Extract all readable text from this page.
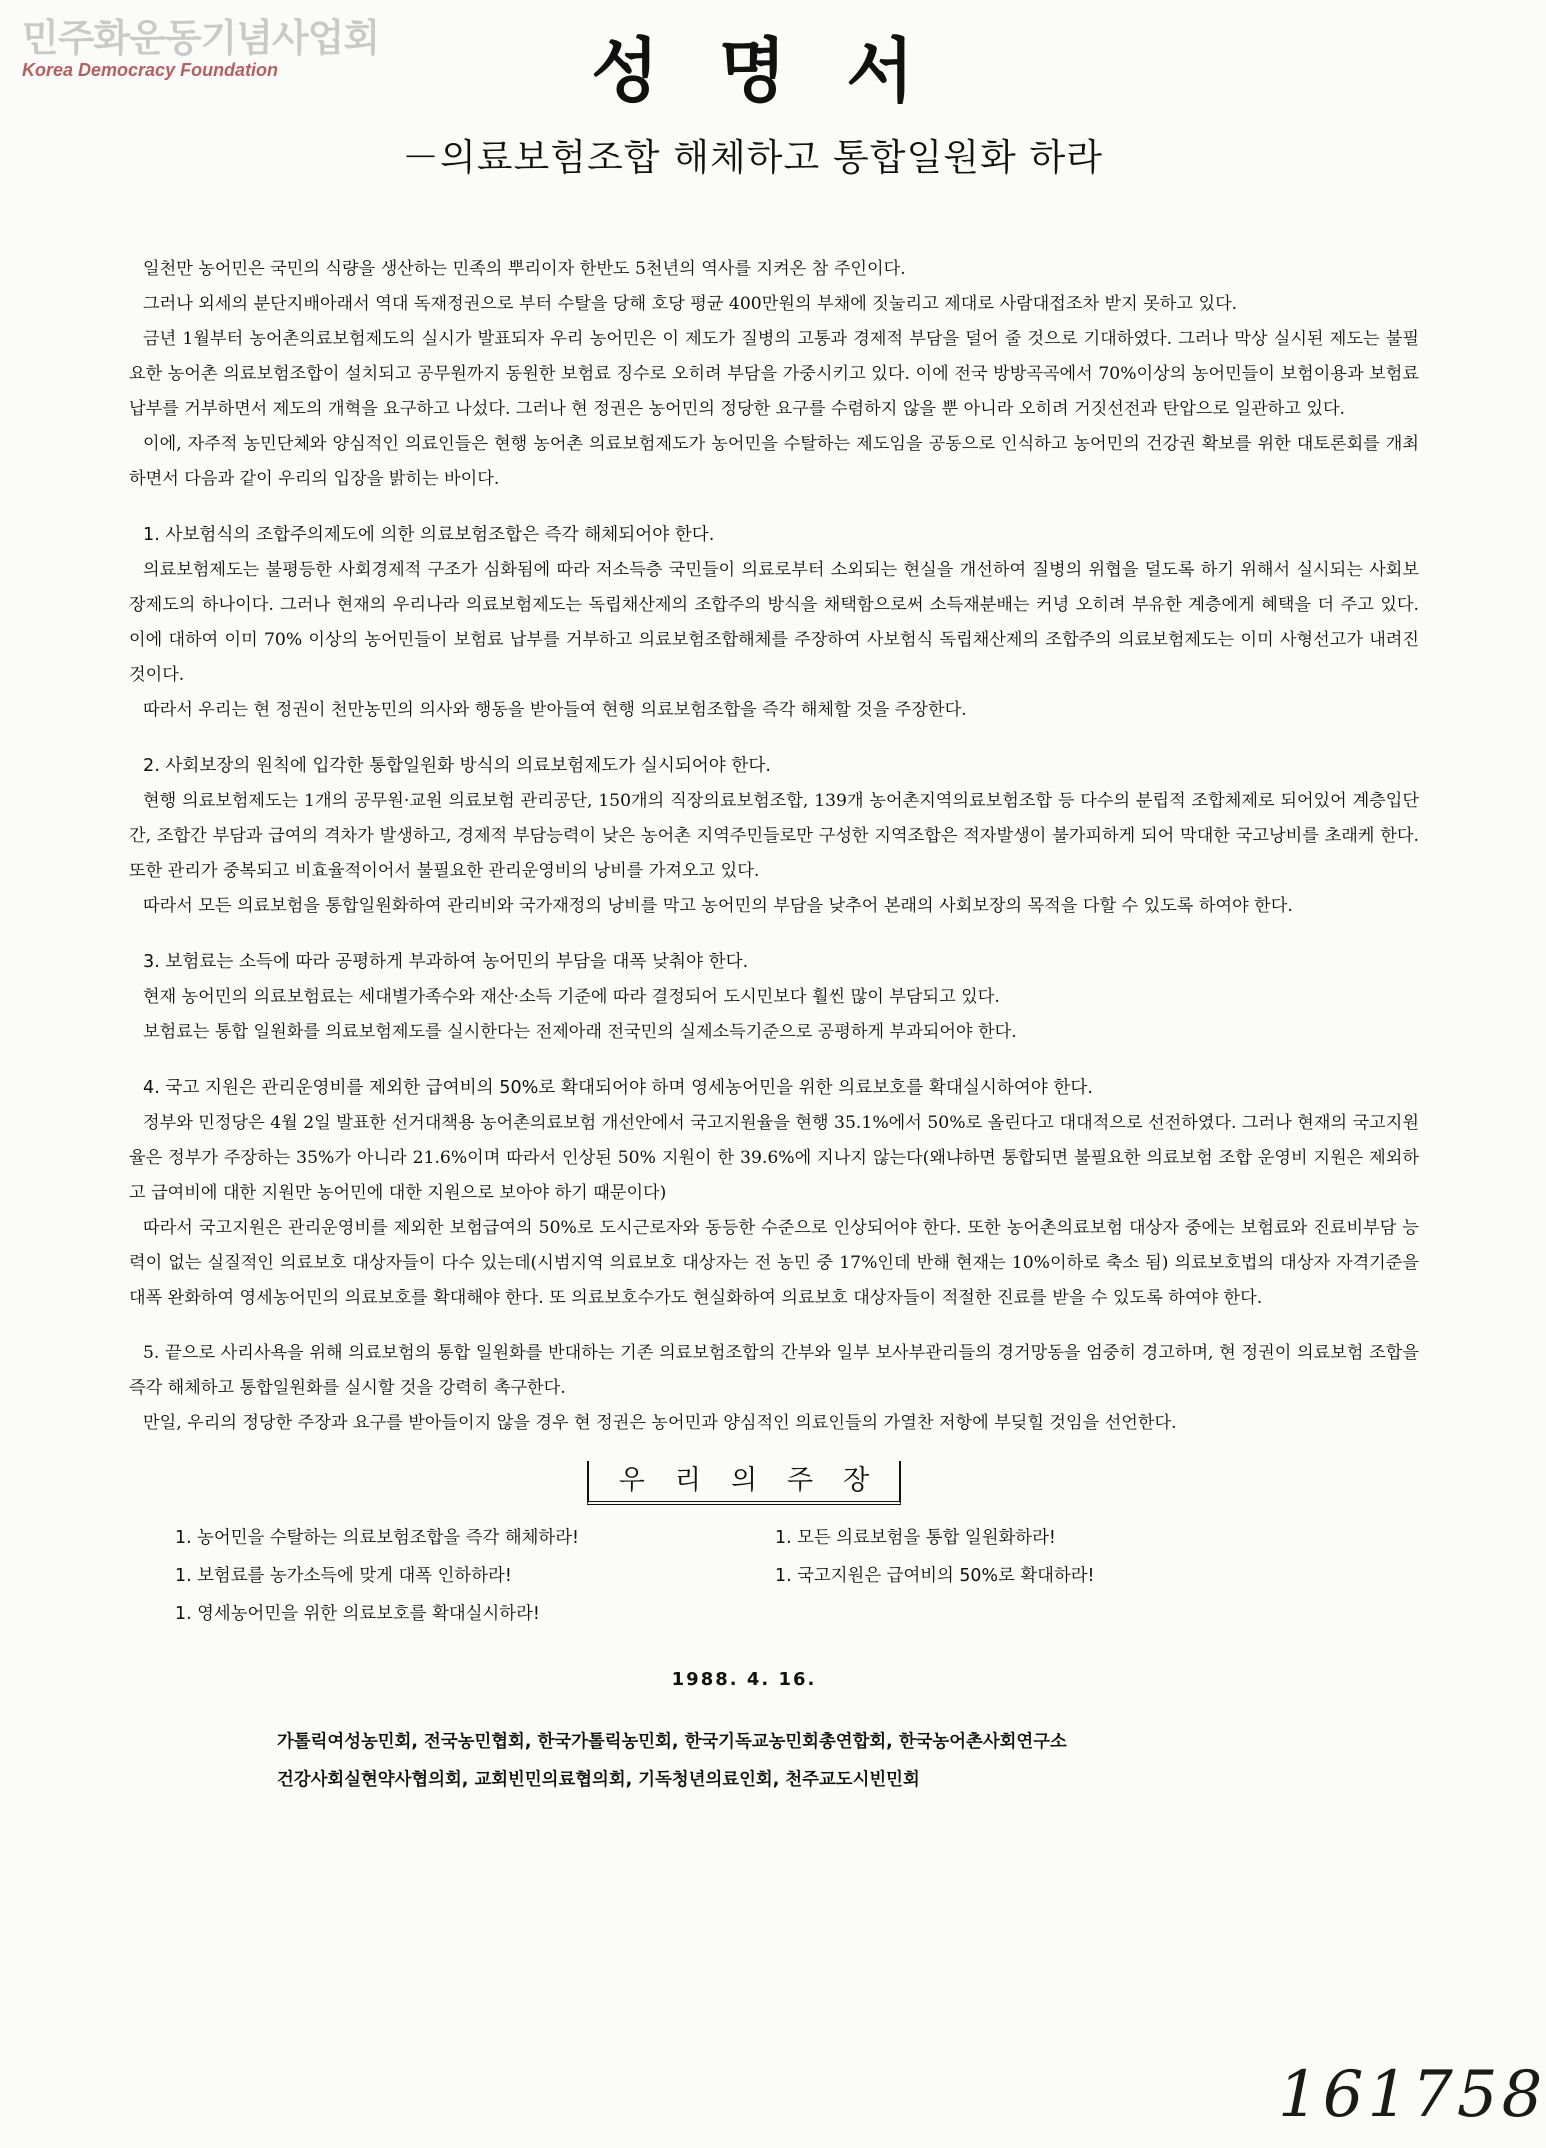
민주화운동기념사업회
Korea Democracy Foundation	성명서
－의료보험조합 해체하고 통합일원화 하라

일천만 농어민은 국민의 식량을 생산하는 민족의 뿌리이자 한반도 5천년의 역사를 지켜온 참 주인이다.

그러나 외세의 분단지배아래서 역대 독재정권으로 부터 수탈을 당해 호당 평균 400만원의 부채에 짓눌리고 제대로 사람대접조차 받지 못하고 있다.

금년 1월부터 농어촌의료보험제도의 실시가 발표되자 우리 농어민은 이 제도가 질병의 고통과 경제적 부담을 덜어 줄 것으로 기대하였다. 그러나 막상 실시된 제도는 불필요한 농어촌 의료보험조합이 설치되고 공무원까지 동원한 보험료 징수로 오히려 부담을 가중시키고 있다. 이에 전국 방방곡곡에서 70%이상의 농어민들이 보험이용과 보험료 납부를 거부하면서 제도의 개혁을 요구하고 나섰다. 그러나 현 정권은 농어민의 정당한 요구를 수렴하지 않을 뿐 아니라 오히려 거짓선전과 탄압으로 일관하고 있다.

이에, 자주적 농민단체와 양심적인 의료인들은 현행 농어촌 의료보험제도가 농어민을 수탈하는 제도임을 공동으로 인식하고 농어민의 건강권 확보를 위한 대토론회를 개최하면서 다음과 같이 우리의 입장을 밝히는 바이다.

1. 사보험식의 조합주의제도에 의한 의료보험조합은 즉각 해체되어야 한다.

의료보험제도는 불평등한 사회경제적 구조가 심화됨에 따라 저소득층 국민들이 의료로부터 소외되는 현실을 개선하여 질병의 위협을 덜도록 하기 위해서 실시되는 사회보장제도의 하나이다. 그러나 현재의 우리나라 의료보험제도는 독립채산제의 조합주의 방식을 채택함으로써 소득재분배는 커녕 오히려 부유한 계층에게 혜택을 더 주고 있다. 이에 대하여 이미 70% 이상의 농어민들이 보험료 납부를 거부하고 의료보험조합해체를 주장하여 사보험식 독립채산제의 조합주의 의료보험제도는 이미 사형선고가 내려진 것이다.

따라서 우리는 현 정권이 천만농민의 의사와 행동을 받아들여 현행 의료보험조합을 즉각 해체할 것을 주장한다.

2. 사회보장의 원칙에 입각한 통합일원화 방식의 의료보험제도가 실시되어야 한다.

현행 의료보험제도는 1개의 공무원·교원 의료보험 관리공단, 150개의 직장의료보험조합, 139개 농어촌지역의료보험조합 등 다수의 분립적 조합체제로 되어있어 계층입단간, 조합간 부담과 급여의 격차가 발생하고, 경제적 부담능력이 낮은 농어촌 지역주민들로만 구성한 지역조합은 적자발생이 불가피하게 되어 막대한 국고낭비를 초래케 한다. 또한 관리가 중복되고 비효율적이어서 불필요한 관리운영비의 낭비를 가져오고 있다.

따라서 모든 의료보험을 통합일원화하여 관리비와 국가재정의 낭비를 막고 농어민의 부담을 낮추어 본래의 사회보장의 목적을 다할 수 있도록 하여야 한다.

3. 보험료는 소득에 따라 공평하게 부과하여 농어민의 부담을 대폭 낮춰야 한다.

현재 농어민의 의료보험료는 세대별가족수와 재산·소득 기준에 따라 결정되어 도시민보다 훨씬 많이 부담되고 있다.

보험료는 통합 일원화를 의료보험제도를 실시한다는 전제아래 전국민의 실제소득기준으로 공평하게 부과되어야 한다.

4. 국고 지원은 관리운영비를 제외한 급여비의 50%로 확대되어야 하며 영세농어민을 위한 의료보호를 확대실시하여야 한다.

정부와 민정당은 4월 2일 발표한 선거대책용 농어촌의료보험 개선안에서 국고지원율을 현행 35.1%에서 50%로 올린다고 대대적으로 선전하였다. 그러나 현재의 국고지원율은 정부가 주장하는 35%가 아니라 21.6%이며 따라서 인상된 50% 지원이 한 39.6%에 지나지 않는다(왜냐하면 통합되면 불필요한 의료보험 조합 운영비 지원은 제외하고 급여비에 대한 지원만 농어민에 대한 지원으로 보아야 하기 때문이다)

따라서 국고지원은 관리운영비를 제외한 보험급여의 50%로 도시근로자와 동등한 수준으로 인상되어야 한다. 또한 농어촌의료보험 대상자 중에는 보험료와 진료비부담 능력이 없는 실질적인 의료보호 대상자들이 다수 있는데(시범지역 의료보호 대상자는 전 농민 중 17%인데 반해 현재는 10%이하로 축소 됨) 의료보호법의 대상자 자격기준을 대폭 완화하여 영세농어민의 의료보호를 확대해야 한다. 또 의료보호수가도 현실화하여 의료보호 대상자들이 적절한 진료를 받을 수 있도록 하여야 한다.

5. 끝으로 사리사욕을 위해 의료보험의 통합 일원화를 반대하는 기존 의료보험조합의 간부와 일부 보사부관리들의 경거망동을 엄중히 경고하며, 현 정권이 의료보험 조합을 즉각 해체하고 통합일원화를 실시할 것을 강력히 촉구한다.

만일, 우리의 정당한 주장과 요구를 받아들이지 않을 경우 현 정권은 농어민과 양심적인 의료인들의 가열찬 저항에 부딪힐 것임을 선언한다.

우리의주장
1. 농어민을 수탈하는 의료보험조합을 즉각 해체하라!	1. 모든 의료보험을 통합 일원화하라!
1. 보험료를 농가소득에 맞게 대폭 인하하라!	1. 국고지원은 급여비의 50%로 확대하라!
1. 영세농어민을 위한 의료보호를 확대실시하라!
1988. 4. 16.
가톨릭여성농민회, 전국농민협회, 한국가톨릭농민회, 한국기독교농민회총연합회, 한국농어촌사회연구소
건강사회실현약사협의회, 교회빈민의료협의회, 기독청년의료인회, 천주교도시빈민회
161758
